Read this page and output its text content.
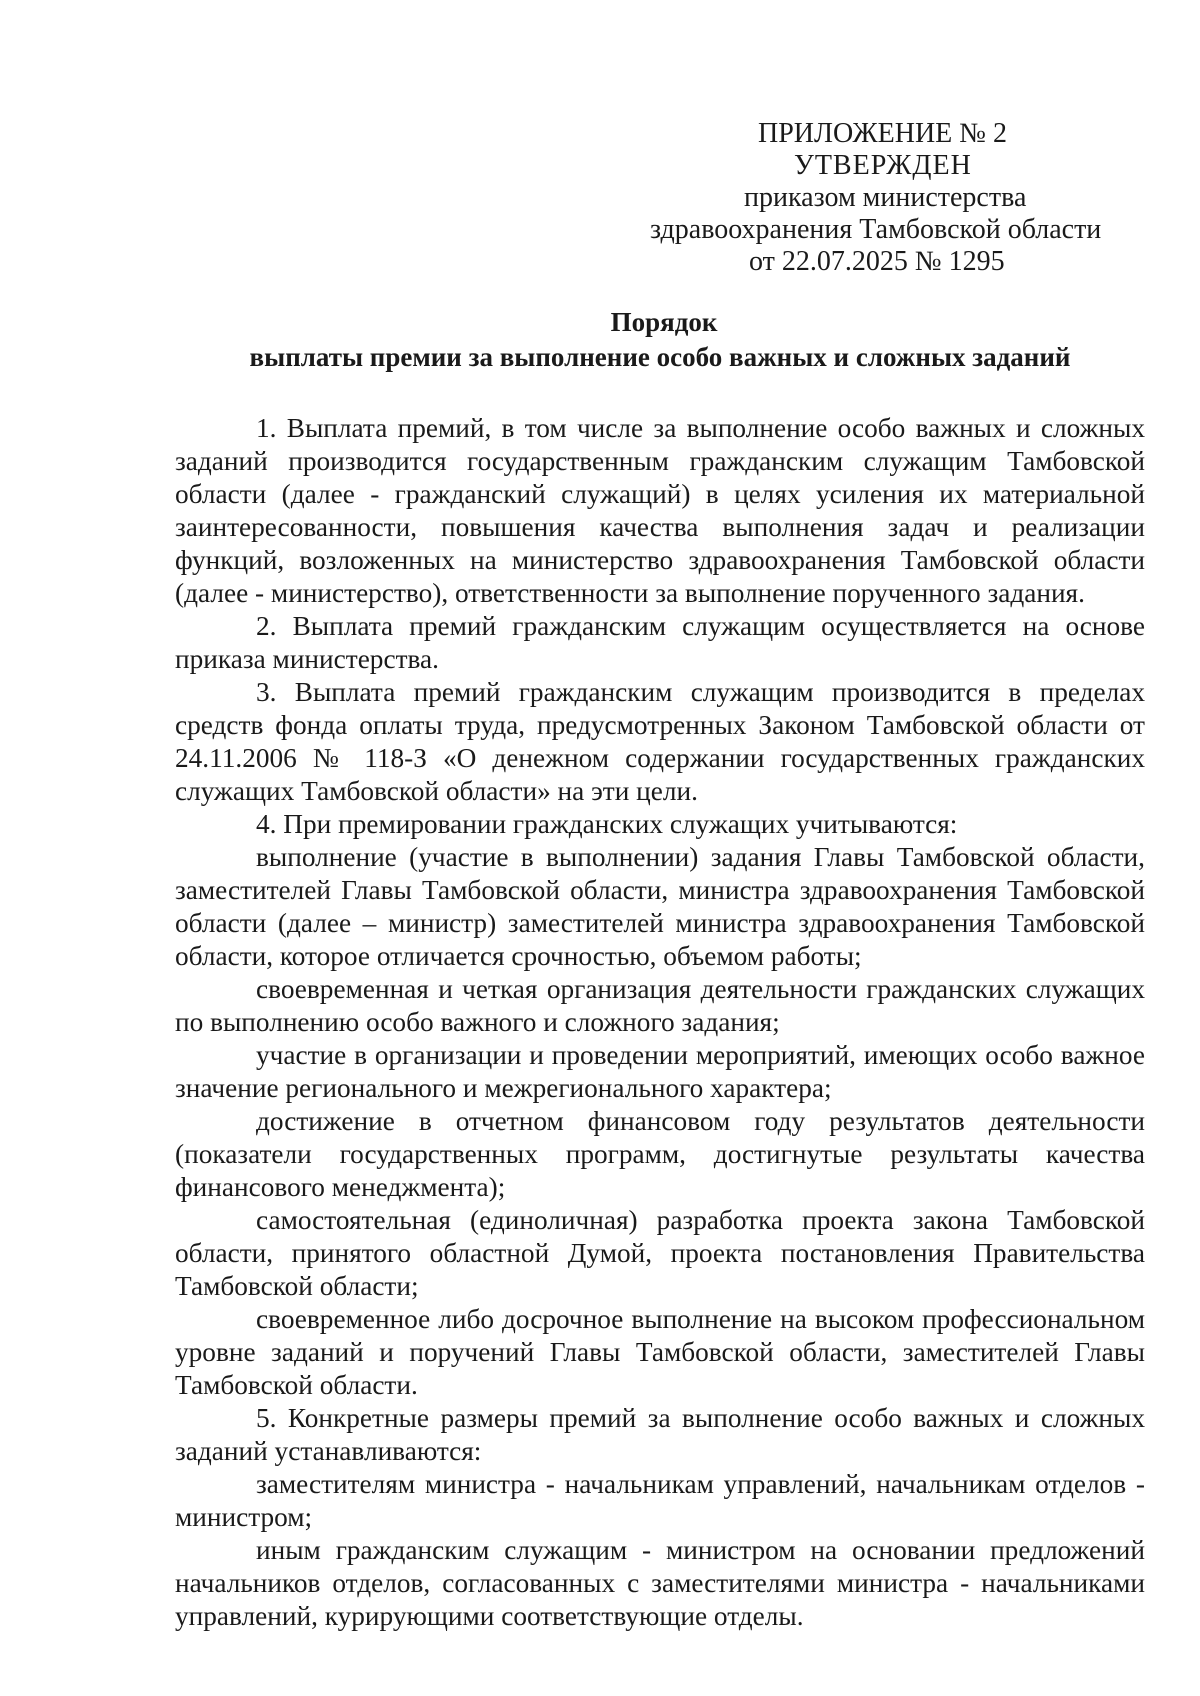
ПРИЛОЖЕНИЕ № 2
УТВЕРЖДЕН
приказом министерства
здравоохранения Тамбовской области
от 22.07.2025 № 1295
Порядок
выплаты премии за выполнение особо важных и сложных заданий

1. Выплата премий, в том числе за выполнение особо важных и сложных заданий производится государственным гражданским служащим Тамбовской области (далее - гражданский служащий) в целях усиления их материальной заинтересованности, повышения качества выполнения задач и реализации функций, возложенных на министерство здравоохранения Тамбовской области (далее - министерство), ответственности за выполнение порученного задания.

2. Выплата премий гражданским служащим осуществляется на основе приказа министерства.

3. Выплата премий гражданским служащим производится в пределах средств фонда оплаты труда, предусмотренных Законом Тамбовской области от 24.11.2006 № 118-З «О денежном содержании государственных гражданских служащих Тамбовской области» на эти цели.

4. При премировании гражданских служащих учитываются:

выполнение (участие в выполнении) задания Главы Тамбовской области, заместителей Главы Тамбовской области, министра здравоохранения Тамбовской области (далее – министр) заместителей министра здравоохранения Тамбовской области, которое отличается срочностью, объемом работы;

своевременная и четкая организация деятельности гражданских служащих по выполнению особо важного и сложного задания;

участие в организации и проведении мероприятий, имеющих особо важное значение регионального и межрегионального характера;

достижение в отчетном финансовом году результатов деятельности (показатели государственных программ, достигнутые результаты качества финансового менеджмента);

самостоятельная (единоличная) разработка проекта закона Тамбовской области, принятого областной Думой, проекта постановления Правительства Тамбовской области;

своевременное либо досрочное выполнение на высоком профессиональном уровне заданий и поручений Главы Тамбовской области, заместителей Главы Тамбовской области.

5. Конкретные размеры премий за выполнение особо важных и сложных заданий устанавливаются:

заместителям министра - начальникам управлений, начальникам отделов - министром;

иным гражданским служащим - министром на основании предложений начальников отделов, согласованных с заместителями министра - начальниками управлений, курирующими соответствующие отделы.
